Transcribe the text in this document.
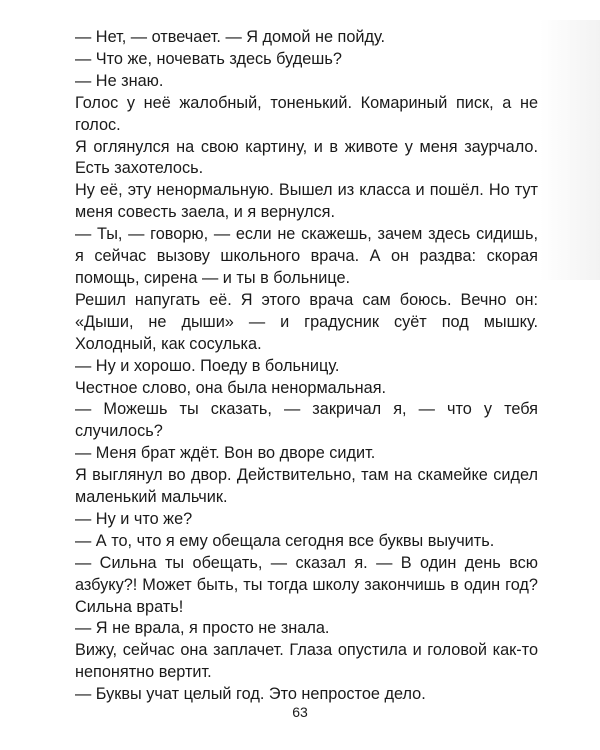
— Нет, — отвечает. — Я домой не пойду.

— Что же, ночевать здесь будешь?

— Не знаю.

Голос у неё жалобный, тоненький. Комариный писк, а не голос.

Я оглянулся на свою картину, и в животе у меня заурчало. Есть захотелось.

Ну её, эту ненормальную. Вышел из класса и пошёл. Но тут меня совесть заела, и я вернулся.

— Ты, — говорю, — если не скажешь, зачем здесь сидишь, я сейчас вызову школьного врача. А он раздва: скорая помощь, сирена — и ты в больнице.

Решил напугать её. Я этого врача сам боюсь. Вечно он: «Дыши, не дыши» — и градусник суёт под мышку. Холодный, как сосулька.

— Ну и хорошо. Поеду в больницу.

Честное слово, она была ненормальная.

— Можешь ты сказать, — закричал я, — что у тебя случилось?

— Меня брат ждёт. Вон во дворе сидит.

Я выглянул во двор. Действительно, там на скамейке сидел маленький мальчик.

— Ну и что же?

— А то, что я ему обещала сегодня все буквы выучить.

— Сильна ты обещать, — сказал я. — В один день всю азбуку?! Может быть, ты тогда школу закончишь в один год? Сильна врать!

— Я не врала, я просто не знала.

Вижу, сейчас она заплачет. Глаза опустила и головой как-то непонятно вертит.

— Буквы учат целый год. Это непростое дело.

63
